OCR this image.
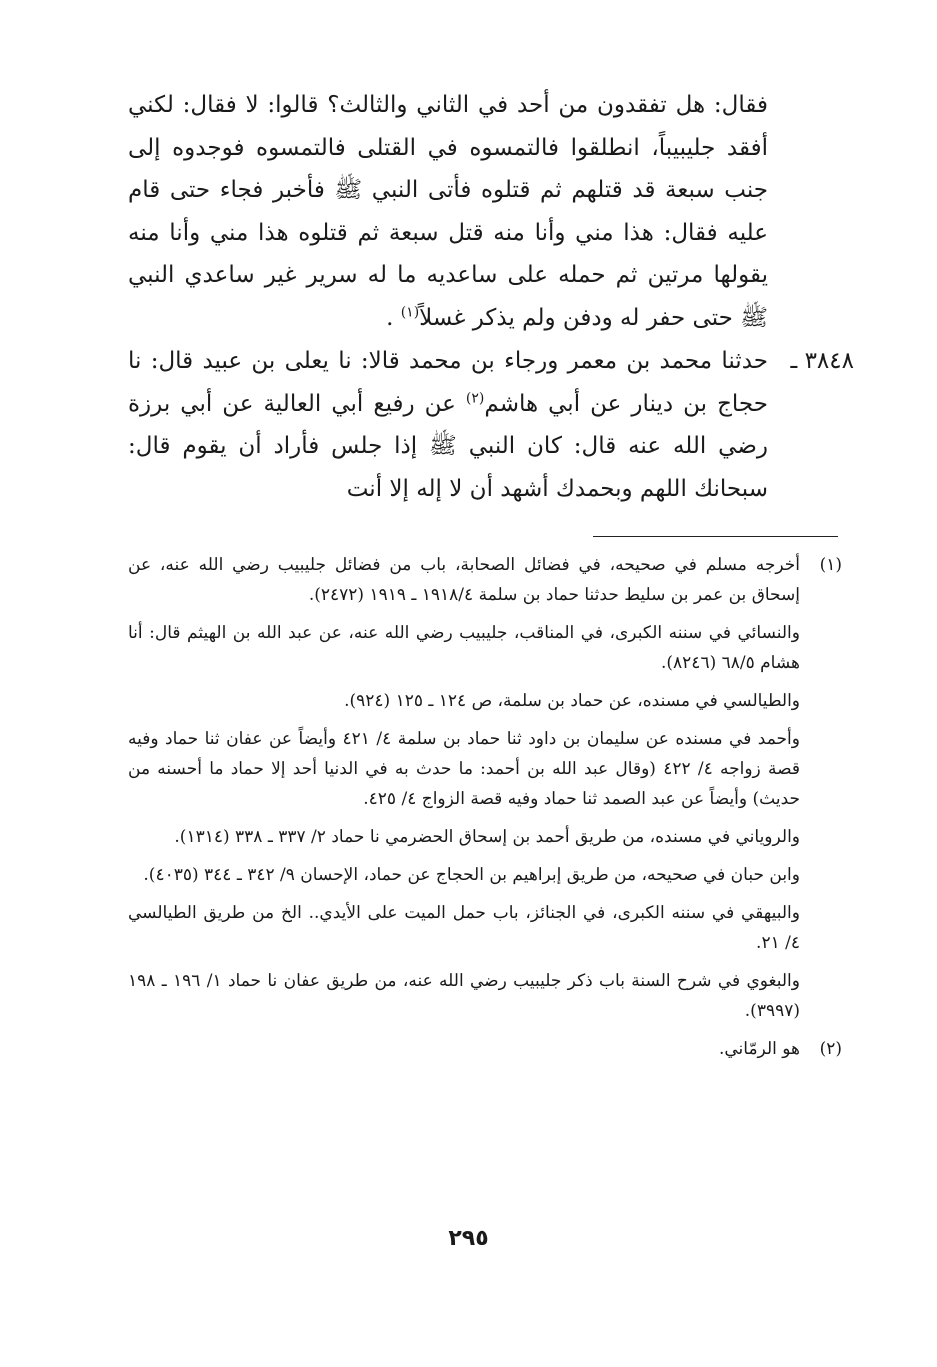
فقال: هل تفقدون من أحد في الثاني والثالث؟ قالوا: لا فقال: لكني أفقد جليبيباً، انطلقوا فالتمسوه في القتلى فالتمسوه فوجدوه إلى جنب سبعة قد قتلهم ثم قتلوه فأتى النبي ﷺ فأخبر فجاء حتى قام عليه فقال: هذا مني وأنا منه قتل سبعة ثم قتلوه هذا مني وأنا منه يقولها مرتين ثم حمله على ساعديه ما له سرير غير ساعدي النبي ﷺ حتى حفر له ودفن ولم يذكر غسلاً$^{(١)}$ .

٣٨٤٨ ـ
حدثنا محمد بن معمر ورجاء بن محمد قالا: نا يعلى بن عبيد قال: نا حجاج بن دينار عن أبي هاشم$^{(٢)}$ عن رفيع أبي العالية عن أبي برزة رضي الله عنه قال: كان النبي ﷺ إذا جلس فأراد أن يقوم قال: سبحانك اللهم وبحمدك أشهد أن لا إله إلا أنت
(١)
أخرجه مسلم في صحيحه، في فضائل الصحابة، باب من فضائل جليبيب رضي الله عنه، عن إسحاق بن عمر بن سليط حدثنا حماد بن سلمة ١٩١٨/٤ ـ ١٩١٩ (٢٤٧٢).
والنسائي في سننه الكبرى، في المناقب، جليبيب رضي الله عنه، عن عبد الله بن الهيثم قال: أنا هشام ٦٨/٥ (٨٢٤٦).
والطيالسي في مسنده، عن حماد بن سلمة، ص ١٢٤ ـ ١٢٥ (٩٢٤).
وأحمد في مسنده عن سليمان بن داود ثنا حماد بن سلمة ٤/ ٤٢١ وأيضاً عن عفان ثنا حماد وفيه قصة زواجه ٤/ ٤٢٢ (وقال عبد الله بن أحمد: ما حدث به في الدنيا أحد إلا حماد ما أحسنه من حديث) وأيضاً عن عبد الصمد ثنا حماد وفيه قصة الزواج ٤/ ٤٢٥.
والروياني في مسنده، من طريق أحمد بن إسحاق الحضرمي نا حماد ٢/ ٣٣٧ ـ ٣٣٨ (١٣١٤).
وابن حبان في صحيحه، من طريق إبراهيم بن الحجاج عن حماد، الإحسان ٩/ ٣٤٢ ـ ٣٤٤ (٤٠٣٥).
والبيهقي في سننه الكبرى، في الجنائز، باب حمل الميت على الأيدي.. الخ من طريق الطيالسي ٤/ ٢١.
والبغوي في شرح السنة باب ذكر جليبيب رضي الله عنه، من طريق عفان نا حماد ١/ ١٩٦ ـ ١٩٨ (٣٩٩٧).
(٢)
هو الرمّاني.
٢٩٥
